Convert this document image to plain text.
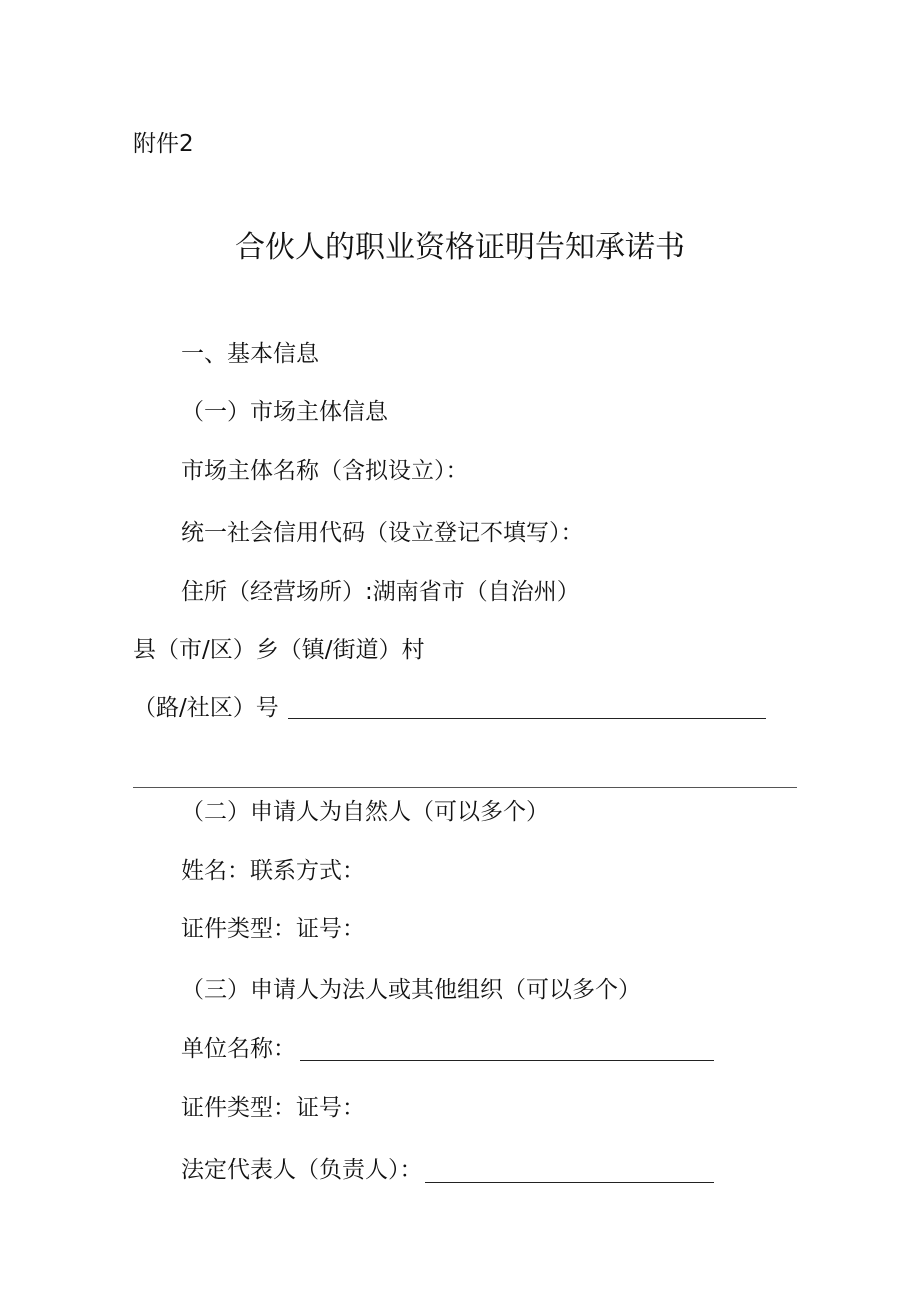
附件2
合伙人的职业资格证明告知承诺书
一、基本信息
（一）市场主体信息
市场主体名称（含拟设立）：
统一社会信用代码（设立登记不填写）：
住所（经营场所）:湖南省市（自治州）
县（市/区）乡（镇/街道）村
（路/社区）号
（二）申请人为自然人（可以多个）
姓名：联系方式：
证件类型：证号：
（三）申请人为法人或其他组织（可以多个）
单位名称：
证件类型：证号：
法定代表人（负责人）：
